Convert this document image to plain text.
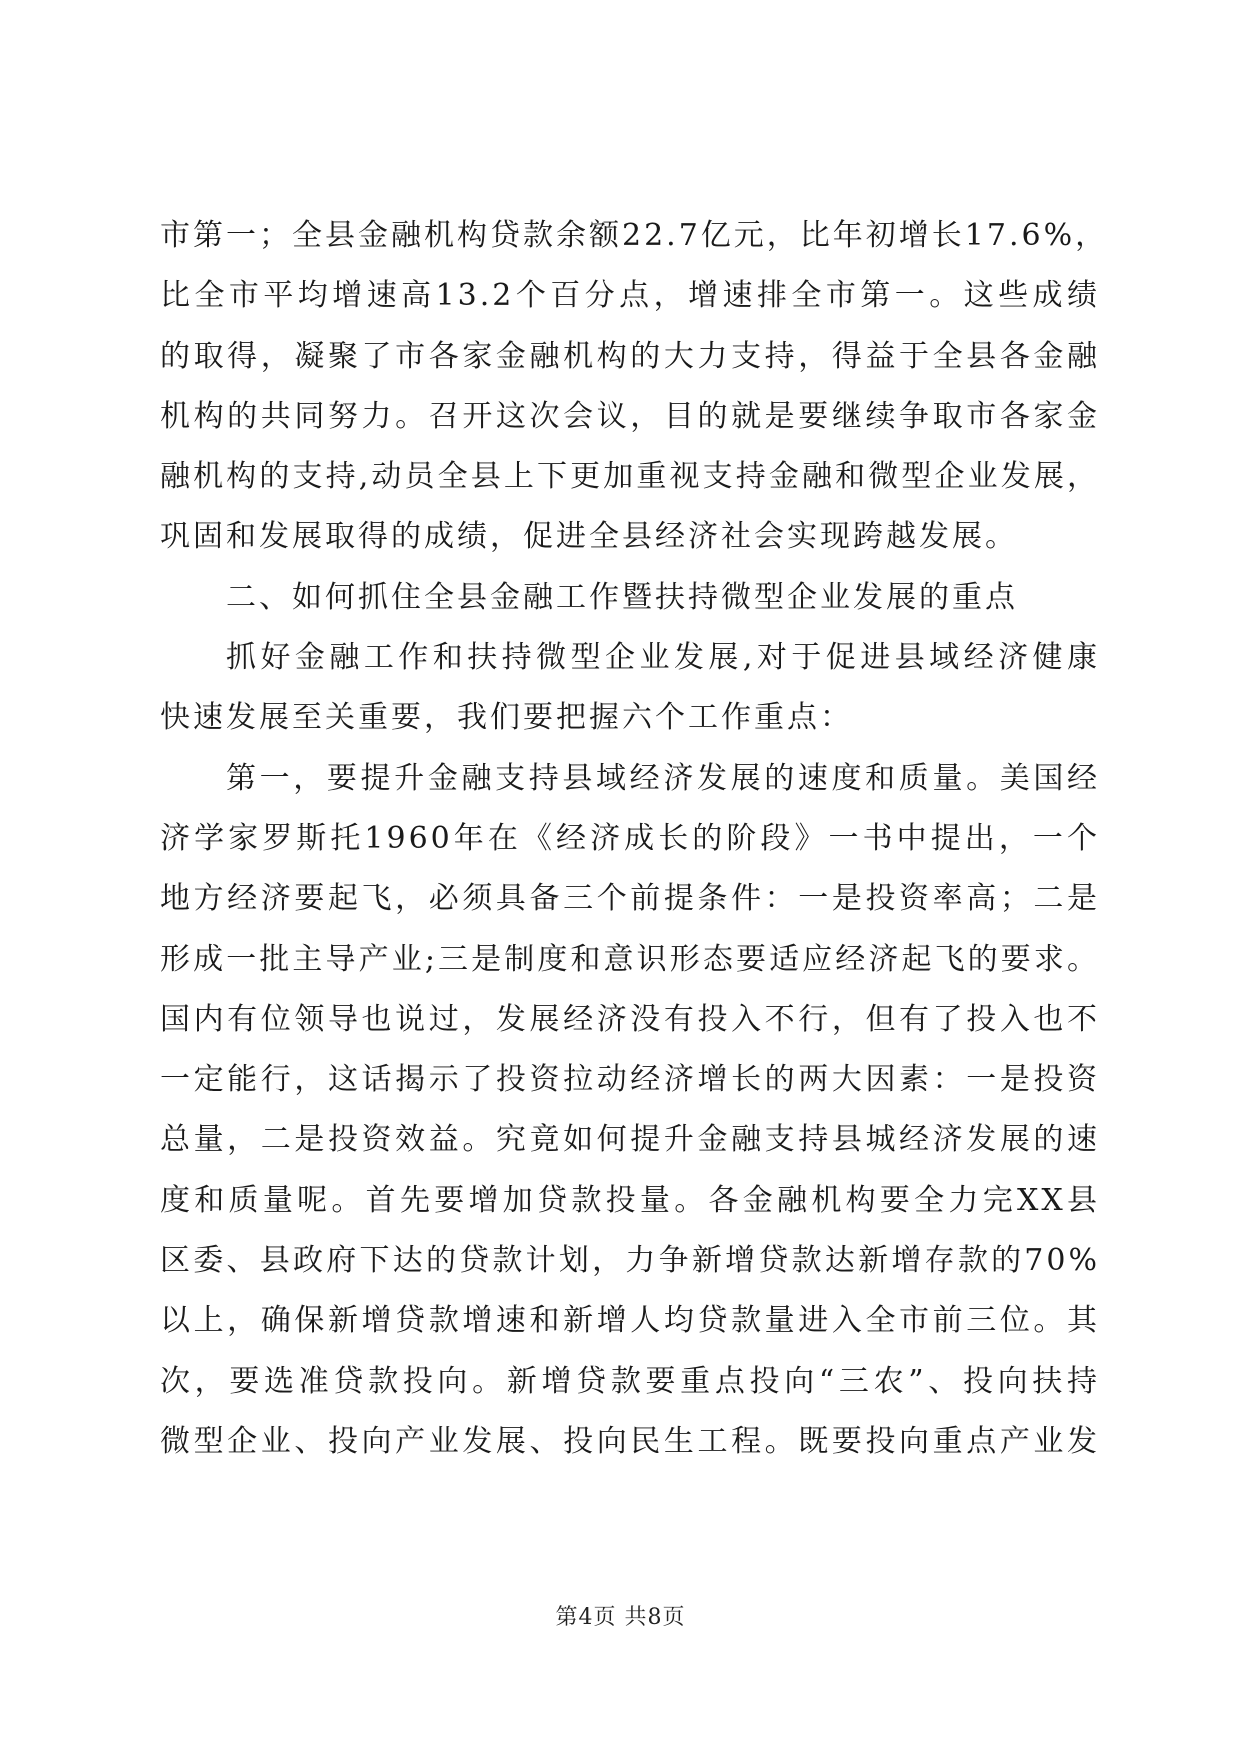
市第一；全县金融机构贷款余额22.7亿元，比年初增长17.6%，
比全市平均增速高13.2个百分点，增速排全市第一。这些成绩
的取得，凝聚了市各家金融机构的大力支持，得益于全县各金融
机构的共同努力。召开这次会议，目的就是要继续争取市各家金
融机构的支持,动员全县上下更加重视支持金融和微型企业发展，
巩固和发展取得的成绩，促进全县经济社会实现跨越发展。
二、如何抓住全县金融工作暨扶持微型企业发展的重点
抓好金融工作和扶持微型企业发展,对于促进县域经济健康
快速发展至关重要，我们要把握六个工作重点：
第一，要提升金融支持县域经济发展的速度和质量。美国经
济学家罗斯托1960年在《经济成长的阶段》一书中提出，一个
地方经济要起飞，必须具备三个前提条件：一是投资率高；二是
形成一批主导产业;三是制度和意识形态要适应经济起飞的要求。
国内有位领导也说过，发展经济没有投入不行，但有了投入也不
一定能行，这话揭示了投资拉动经济增长的两大因素：一是投资
总量，二是投资效益。究竟如何提升金融支持县城经济发展的速
度和质量呢。首先要增加贷款投量。各金融机构要全力完XX县
区委、县政府下达的贷款计划，力争新增贷款达新增存款的70%
以上，确保新增贷款增速和新增人均贷款量进入全市前三位。其
次，要选准贷款投向。新增贷款要重点投向“三农”、投向扶持
微型企业、投向产业发展、投向民生工程。既要投向重点产业发
第4页 共8页
